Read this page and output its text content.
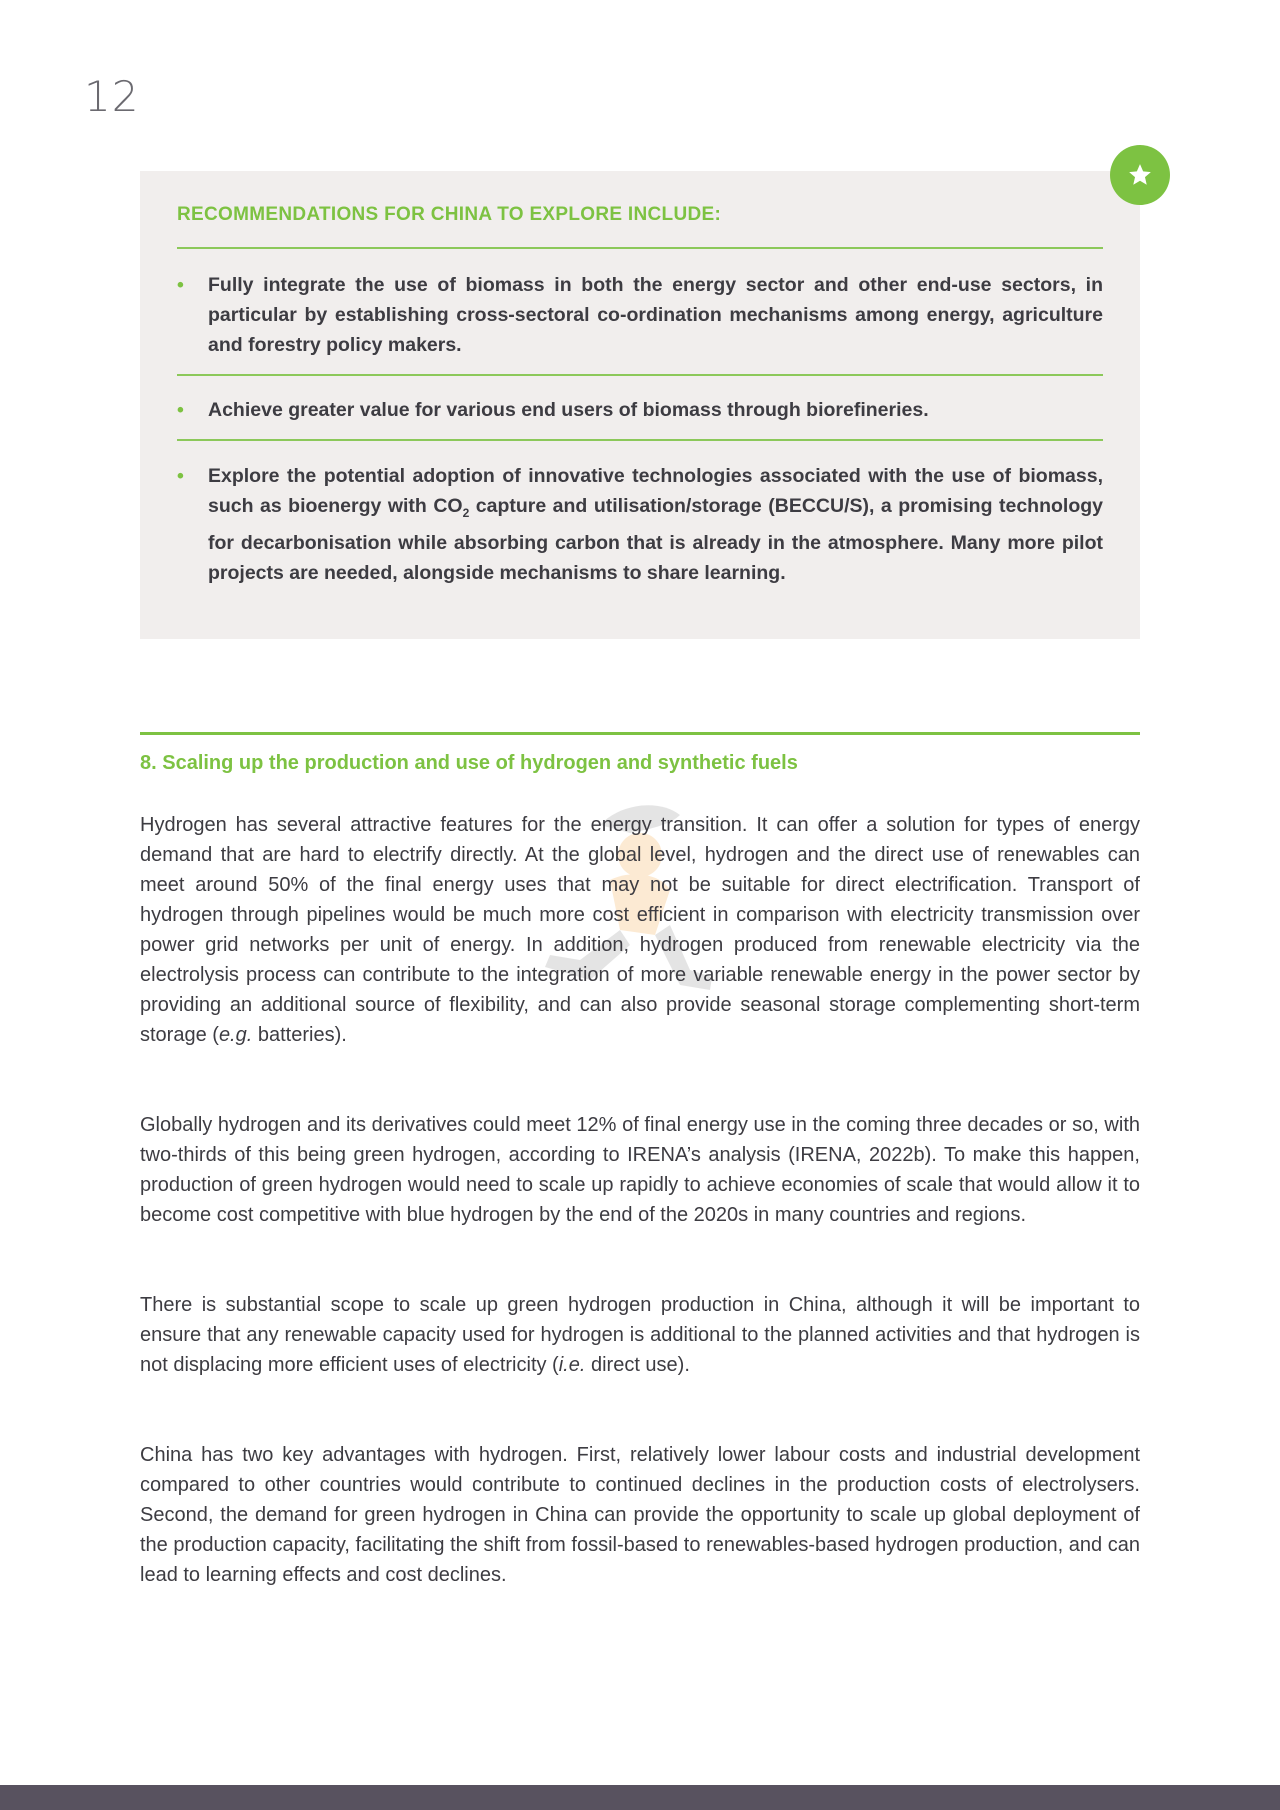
12
RECOMMENDATIONS FOR CHINA TO EXPLORE INCLUDE:
• Fully integrate the use of biomass in both the energy sector and other end-use sectors, in particular by establishing cross-sectoral co-ordination mechanisms among energy, agriculture and forestry policy makers.
• Achieve greater value for various end users of biomass through biorefineries.
• Explore the potential adoption of innovative technologies associated with the use of biomass, such as bioenergy with $CO_2$ capture and utilisation/storage (BECCU/S), a promising technology for decarbonisation while absorbing carbon that is already in the atmosphere. Many more pilot projects are needed, alongside mechanisms to share learning.
8. Scaling up the production and use of hydrogen and synthetic fuels

Hydrogen has several attractive features for the energy transition. It can offer a solution for types of energy demand that are hard to electrify directly. At the global level, hydrogen and the direct use of renewables can meet around 50% of the final energy uses that may not be suitable for direct electrification. Transport of hydrogen through pipelines would be much more cost efficient in comparison with electricity transmission over power grid networks per unit of energy. In addition, hydrogen produced from renewable electricity via the electrolysis process can contribute to the integration of more variable renewable energy in the power sector by providing an additional source of flexibility, and can also provide seasonal storage complementing short-term storage (e.g. batteries).

Globally hydrogen and its derivatives could meet 12% of final energy use in the coming three decades or so, with two-thirds of this being green hydrogen, according to IRENA’s analysis (IRENA, 2022b). To make this happen, production of green hydrogen would need to scale up rapidly to achieve economies of scale that would allow it to become cost competitive with blue hydrogen by the end of the 2020s in many countries and regions.

There is substantial scope to scale up green hydrogen production in China, although it will be important to ensure that any renewable capacity used for hydrogen is additional to the planned activities and that hydrogen is not displacing more efficient uses of electricity (i.e. direct use).

China has two key advantages with hydrogen. First, relatively lower labour costs and industrial development compared to other countries would contribute to continued declines in the production costs of electrolysers. Second, the demand for green hydrogen in China can provide the opportunity to scale up global deployment of the production capacity, facilitating the shift from fossil-based to renewables-based hydrogen production, and can lead to learning effects and cost declines.
